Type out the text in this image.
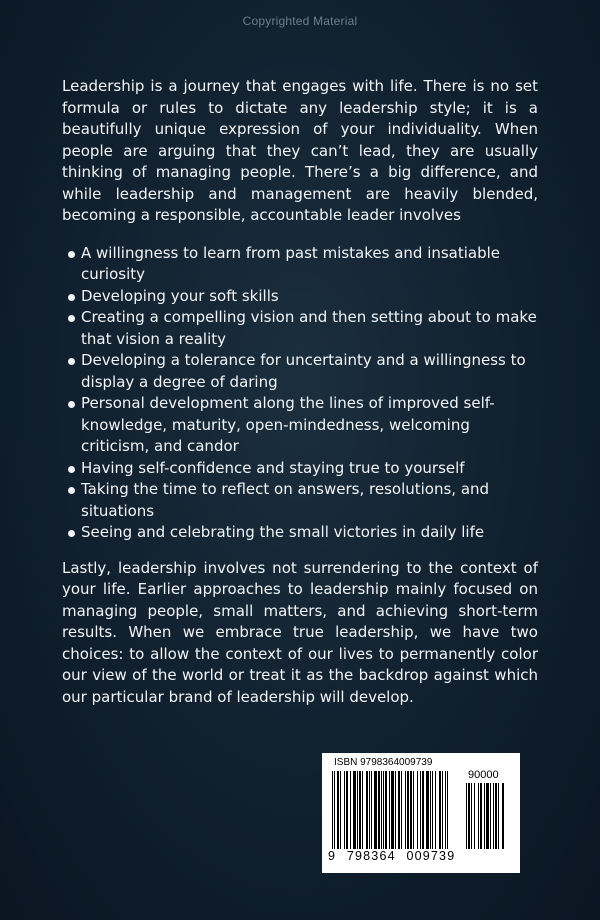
Copyrighted Material

Leadership is a journey that engages with life. There is no set formula or rules to dictate any leadership style; it is a beautifully unique expression of your individuality. When people are arguing that they can’t lead, they are usually thinking of managing people. There’s a big difference, and while leadership and management are heavily blended, becoming a responsible, accountable leader involves

A willingness to learn from past mistakes and insatiable curiosity
Developing your soft skills
Creating a compelling vision and then setting about to make that vision a reality
Developing a tolerance for uncertainty and a willingness to display a degree of daring
Personal development along the lines of improved self-knowledge, maturity, open-mindedness, welcoming criticism, and candor
Having self-confidence and staying true to yourself
Taking the time to reflect on answers, resolutions, and situations
Seeing and celebrating the small victories in daily life

Lastly, leadership involves not surrendering to the context of your life. Earlier approaches to leadership mainly focused on managing people, small matters, and achieving short-term results. When we embrace true leadership, we have two choices: to allow the context of our lives to permanently color our view of the world or treat it as the backdrop against which our particular brand of leadership will develop.

ISBN 9798364009739
90000
9 798364 009739
